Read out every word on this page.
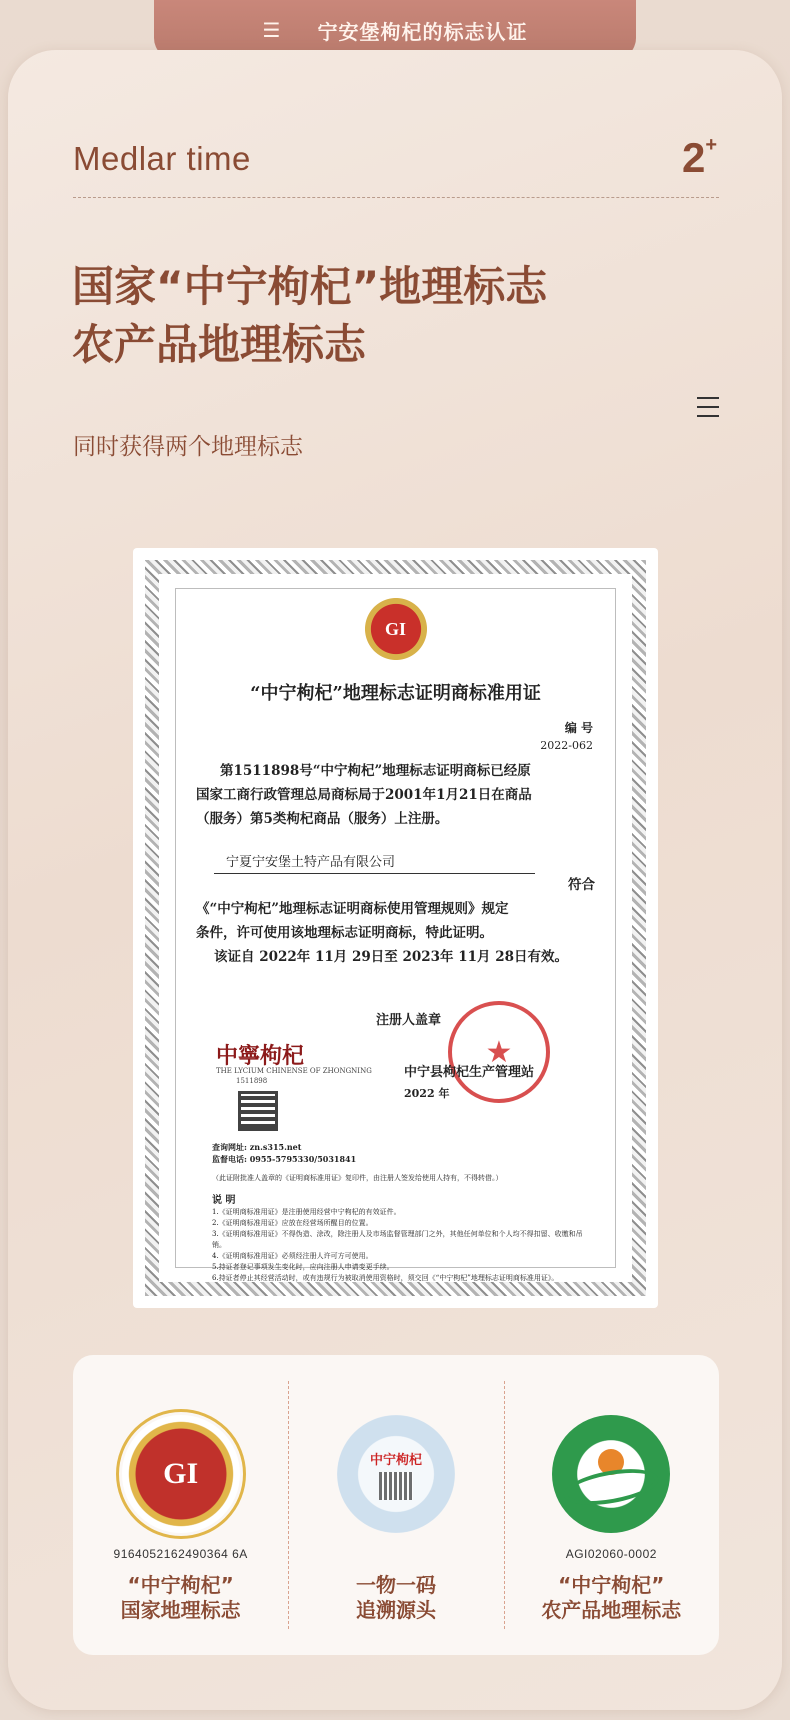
☰ 宁安堡枸杞的标志认证
Medlar time	2+
国家“中宁枸杞”地理标志
农产品地理标志
同时获得两个地理标志
GI
“中宁枸杞”地理标志证明商标准用证
编 号
2022-062
第1511898号“中宁枸杞”地理标志证明商标已经原
国家工商行政管理总局商标局于2001年1月21日在商品
（服务）第5类枸杞商品（服务）上注册。
宁夏宁安堡土特产品有限公司
符合
《“中宁枸杞”地理标志证明商标使用管理规则》规定
条件，许可使用该地理标志证明商标，特此证明。
该证自 2022年 11月 29日至 2023年 11月 28日有效。
注册人盖章
中寧枸杞
THE LYCIUM CHINENSE OF ZHONGNING
1511898
★
中宁县枸杞生产管理站
2022 年
查询网址: zn.s315.net
监督电话: 0955-5795330/5031841
（此证附批准人盖章的《证明商标准用证》复印件，由注册人签发给使用人持有，不得转借。）
说 明
1.《证明商标准用证》是注册使用经营中宁枸杞的有效证件。
2.《证明商标准用证》应放在经营场所醒目的位置。
3.《证明商标准用证》不得伪造、涂改，除注册人及市场监督管理部门之外，其他任何单位和个人均不得扣留、收缴和吊销。
4.《证明商标准用证》必须经注册人许可方可使用。
5.持证者登记事项发生变化时，应向注册人申请变更手续。
6.持证者停止其经营活动时，或有违规行为被取消使用资格时，须交回《“中宁枸杞”地理标志证明商标准用证》。
GI
9164052162490364 6A
“中宁枸杞”
国家地理标志
中宁枸杞
一物一码
追溯源头
AGI02060-0002
“中宁枸杞”
农产品地理标志
